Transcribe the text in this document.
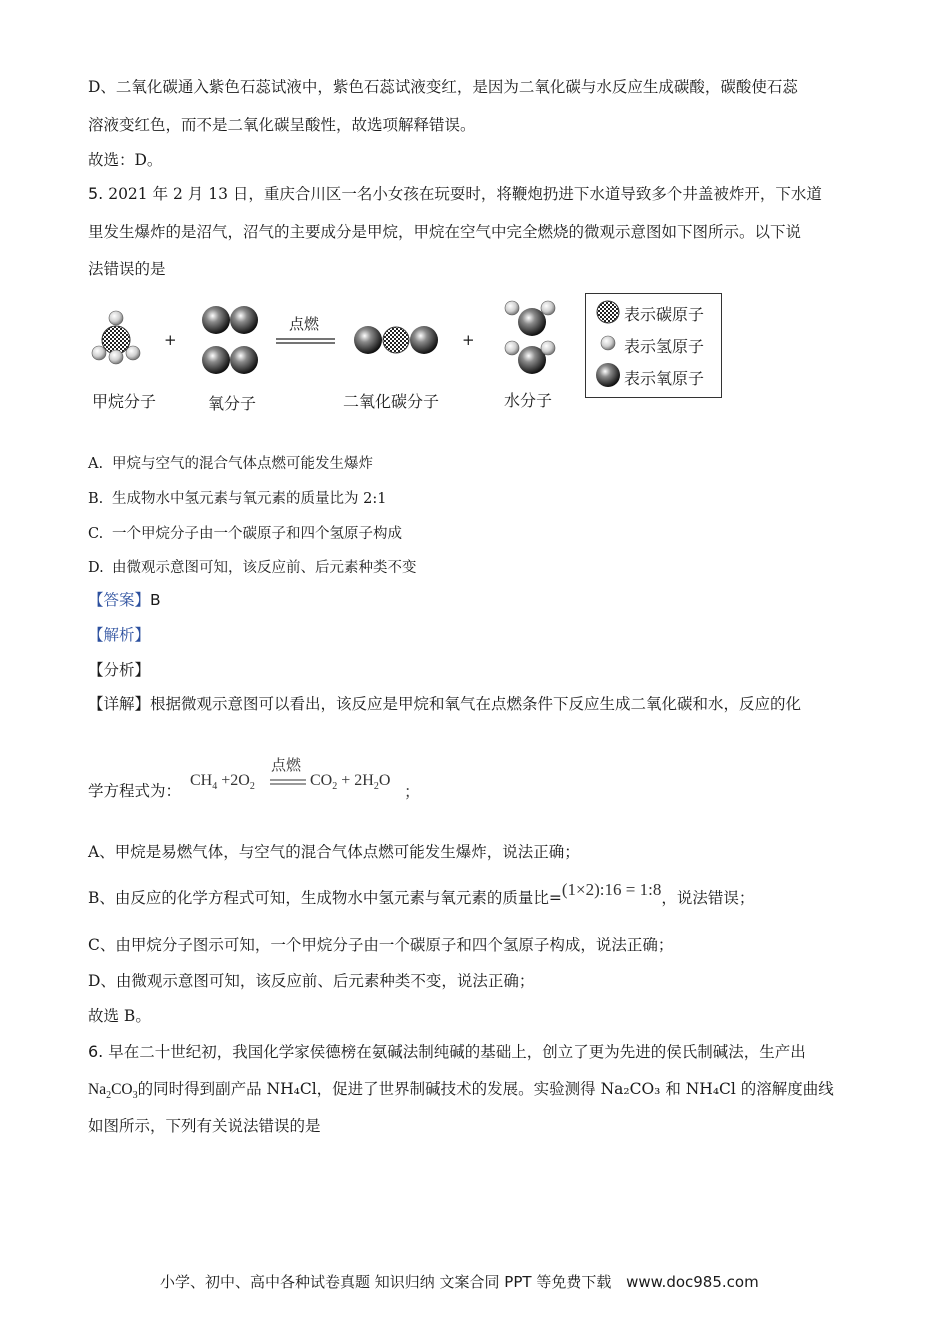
D、二氧化碳通入紫色石蕊试液中，紫色石蕊试液变红，是因为二氧化碳与水反应生成碳酸，碳酸使石蕊
溶液变红色，而不是二氧化碳呈酸性，故选项解释错误。
故选：D。
5. 2021 年 2 月 13 日，重庆合川区一名小女孩在玩耍时，将鞭炮扔进下水道导致多个井盖被炸开，下水道
里发生爆炸的是沼气，沼气的主要成分是甲烷，甲烷在空气中完全燃烧的微观示意图如下图所示。以下说
法错误的是
+	+
点燃
甲烷分子	氧分子	二氧化碳分子	水分子
表示碳原子
表示氢原子
表示氧原子
A. 甲烷与空气的混合气体点燃可能发生爆炸
B. 生成物水中氢元素与氧元素的质量比为 2:1
C. 一个甲烷分子由一个碳原子和四个氢原子构成
D. 由微观示意图可知，该反应前、后元素种类不变
【答案】B
【解析】
【分析】
【详解】根据微观示意图可以看出，该反应是甲烷和氧气在点燃条件下反应生成二氧化碳和水，反应的化
学方程式为：
$CH_4 +2O_2$
点燃
$CO_2 + 2H_2O$
；
A、甲烷是易燃气体，与空气的混合气体点燃可能发生爆炸，说法正确；
B、由反应的化学方程式可知，生成物水中氢元素与氧元素的质量比=(1×2):16 = 1:8，说法错误；
C、由甲烷分子图示可知，一个甲烷分子由一个碳原子和四个氢原子构成，说法正确；
D、由微观示意图可知，该反应前、后元素种类不变，说法正确；
故选 B。
6. 早在二十世纪初，我国化学家侯德榜在氨碱法制纯碱的基础上，创立了更为先进的侯氏制碱法，生产出
$Na_2CO_3$的同时得到副产品 NH₄Cl，促进了世界制碱技术的发展。实验测得 Na₂CO₃ 和 NH₄Cl 的溶解度曲线
如图所示，下列有关说法错误的是
小学、初中、高中各种试卷真题 知识归纳 文案合同 PPT 等免费下载 www.doc985.com
